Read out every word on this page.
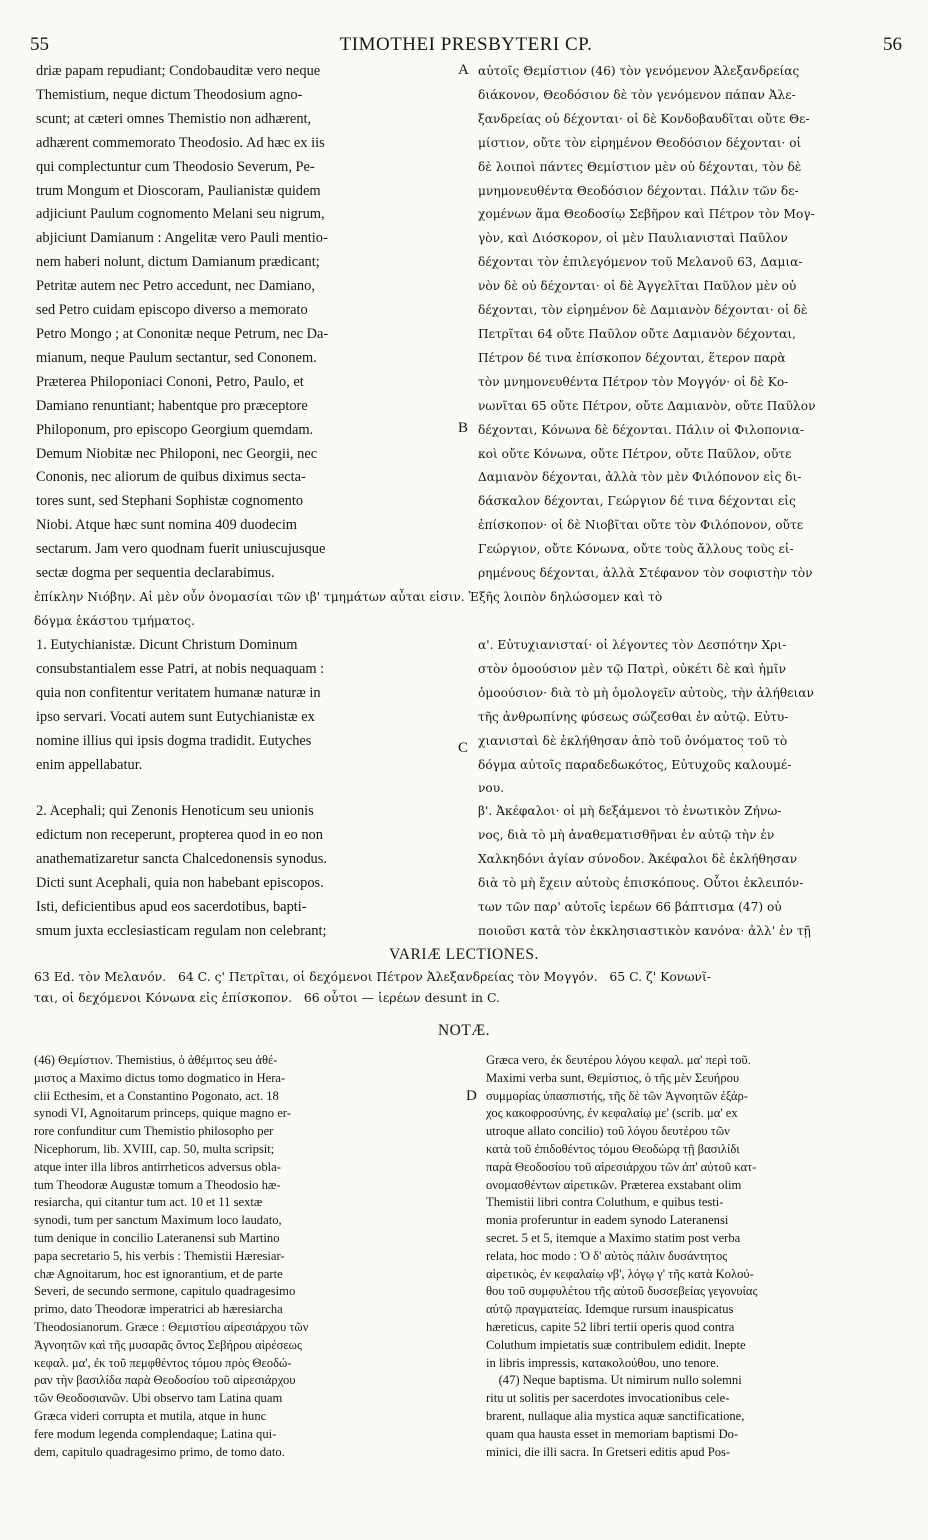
55	TIMOTHEI PRESBYTERI CP.	56
A
B
C
D
driæ papam repudiant; Condobauditæ vero neque
Themistium, neque dictum Theodosium agno-
scunt; at cæteri omnes Themistio non adhærent,
adhærent commemorato Theodosio. Ad hæc ex iis
qui complectuntur cum Theodosio Severum, Pe-
trum Mongum et Dioscoram, Paulianistæ quidem
adjiciunt Paulum cognomento Melani seu nigrum,
abjiciunt Damianum : Angelitæ vero Pauli mentio-
nem haberi nolunt, dictum Damianum prædicant;
Petritæ autem nec Petro accedunt, nec Damiano,
sed Petro cuidam episcopo diverso a memorato
Petro Mongo ; at Cononitæ neque Petrum, nec Da-
mianum, neque Paulum sectantur, sed Cononem.
Præterea Philoponiaci Cononi, Petro, Paulo, et
Damiano renuntiant; habentque pro præceptore
Philoponum, pro episcopo Georgium quemdam.
Demum Niobitæ nec Philoponi, nec Georgii, nec
Cononis, nec aliorum de quibus diximus secta-
tores sunt, sed Stephani Sophistæ cognomento
Niobi. Atque hæc sunt nomina 409 duodecim
sectarum. Jam vero quodnam fuerit uniuscujusque
sectæ dogma per sequentia declarabimus.
αὐτοῖς Θεμίστιον (46) τὸν γενόμενον Ἀλεξανδρείας
διάκονον, Θεοδόσιον δὲ τὸν γενόμενον πάπαν Ἀλε-
ξανδρείας οὐ δέχονται· οἱ δὲ Κονδοβαυδῖται οὔτε Θε-
μίστιον, οὔτε τὸν εἰρημένον Θεοδόσιον δέχονται· οἱ
δὲ λοιποὶ πάντες Θεμίστιον μὲν οὐ δέχονται, τὸν δὲ
μνημονευθέντα Θεοδόσιον δέχονται. Πάλιν τῶν δε-
χομένων ἅμα Θεοδοσίῳ Σεβῆρον καὶ Πέτρον τὸν Μογ-
γὸν, καὶ Διόσκορον, οἱ μὲν Παυλιανισταὶ Παῦλον
δέχονται τὸν ἐπιλεγόμενον τοῦ Μελανοῦ 63, Δαμια-
νὸν δὲ οὐ δέχονται· οἱ δὲ Ἀγγελῖται Παῦλον μὲν οὐ
δέχονται, τὸν εἰρημένον δὲ Δαμιανὸν δέχονται· οἱ δὲ
Πετρῖται 64 οὔτε Παῦλον οὔτε Δαμιανὸν δέχονται,
Πέτρον δέ τινα ἐπίσκοπον δέχονται, ἕτερον παρὰ
τὸν μνημονευθέντα Πέτρον τὸν Μογγόν· οἱ δὲ Κο-
νωνῖται 65 οὔτε Πέτρον, οὔτε Δαμιανὸν, οὔτε Παῦλον
δέχονται, Κόνωνα δὲ δέχονται. Πάλιν οἱ Φιλοπονια-
κοὶ οὔτε Κόνωνα, οὔτε Πέτρον, οὔτε Παῦλον, οὔτε
Δαμιανὸν δέχονται, ἀλλὰ τὸν μὲν Φιλόπονον εἰς δι-
δάσκαλον δέχονται, Γεώργιον δέ τινα δέχονται εἰς
ἐπίσκοπον· οἱ δὲ Νιοβῖται οὔτε τὸν Φιλόπονον, οὔτε
Γεώργιον, οὔτε Κόνωνα, οὔτε τοὺς ἄλλους τοὺς εἰ-
ρημένους δέχονται, ἀλλὰ Στέφανον τὸν σοφιστὴν τὸν
ἐπίκλην Νιόβην. Αἱ μὲν οὖν ὀνομασίαι τῶν ιβ' τμημάτων αὗται εἰσιν. Ἑξῆς λοιπὸν δηλώσομεν καὶ τὸ
δόγμα ἑκάστου τμήματος.
1. Eutychianistæ. Dicunt Christum Dominum
consubstantialem esse Patri, at nobis nequaquam :
quia non confitentur veritatem humanæ naturæ in
ipso servari. Vocati autem sunt Eutychianistæ ex
nomine illius qui ipsis dogma tradidit. Eutyches
enim appellabatur.
α'. Εὐτυχιανισταί· οἱ λέγοντες τὸν Δεσπότην Χρι-
στὸν ὁμοούσιον μὲν τῷ Πατρὶ, οὐκέτι δὲ καὶ ἡμῖν
ὁμοούσιον· διὰ τὸ μὴ ὁμολογεῖν αὐτοὺς, τὴν ἀλήθειαν
τῆς ἀνθρωπίνης φύσεως σώζεσθαι ἐν αὐτῷ. Εὐτυ-
χιανισταὶ δὲ ἐκλήθησαν ἀπὸ τοῦ ὀνόματος τοῦ τὸ
δόγμα αὐτοῖς παραδεδωκότος, Εὐτυχοῦς καλουμέ-
νου.
2. Acephali; qui Zenonis Henoticum seu unionis
edictum non receperunt, propterea quod in eo non
anathematizaretur sancta Chalcedonensis synodus.
Dicti sunt Acephali, quia non habebant episcopos.
Isti, deficientibus apud eos sacerdotibus, bapti-
smum juxta ecclesiasticam regulam non celebrant;
β'. Ἀκέφαλοι· οἱ μὴ δεξάμενοι τὸ ἑνωτικὸν Ζήνω-
νος, διὰ τὸ μὴ ἀναθεματισθῆναι ἐν αὐτῷ τὴν ἐν
Χαλκηδόνι ἁγίαν σύνοδον. Ἀκέφαλοι δὲ ἐκλήθησαν
διὰ τὸ μὴ ἔχειν αὐτοὺς ἐπισκόπους. Οὗτοι ἐκλειπόν-
των τῶν παρ' αὐτοῖς ἱερέων 66 βάπτισμα (47) οὐ
ποιοῦσι κατὰ τὸν ἐκκλησιαστικὸν κανόνα· ἀλλ' ἐν τῇ
VARIÆ LECTIONES.
63 Ed. τὸν Μελανόν.   64 C. ς' Πετρῖται, οἱ δεχόμενοι Πέτρον Ἀλεξανδρείας τὸν Μογγόν.   65 C. ζ' Κονωνῖ-
ται, οἱ δεχόμενοι Κόνωνα εἰς ἐπίσκοπον.   66 οὗτοι — ἱερέων desunt in C.
NOTÆ.
(46) Θεμίστιον. Themistius, ὁ ἀθέμιτος seu ἀθέ-
μιστος a Maximo dictus tomo dogmatico in Hera-
clii Ecthesim, et a Constantino Pogonato, act. 18
synodi VI, Agnoitarum princeps, quique magno er-
rore confunditur cum Themistio philosopho per
Nicephorum, lib. XVIII, cap. 50, multa scripsit;
atque inter illa libros antirrheticos adversus obla-
tum Theodoræ Augustæ tomum a Theodosio hæ-
resiarcha, qui citantur tum act. 10 et 11 sextæ
synodi, tum per sanctum Maximum loco laudato,
tum denique in concilio Lateranensi sub Martino
papa secretario 5, his verbis : Themistii Hæresiar-
chæ Agnoitarum, hoc est ignorantium, et de parte
Severi, de secundo sermone, capitulo quadragesimo
primo, dato Theodoræ imperatrici ab hæresiarcha
Theodosianorum. Græce : Θεμιστίου αἱρεσιάρχου τῶν
Ἀγνοητῶν καὶ τῆς μυσαρᾶς ὄντος Σεβήρου αἱρέσεως
κεφαλ. μα', ἐκ τοῦ πεμφθέντος τόμου πρὸς Θεοδώ-
ραν τὴν βασιλίδα παρὰ Θεοδοσίου τοῦ αἱρεσιάρχου
τῶν Θεοδοσιανῶν. Ubi observo tam Latina quam
Græca videri corrupta et mutila, atque in hunc
fere modum legenda complendaque; Latina qui-
dem, capitulo quadragesimo primo, de tomo dato.
Græca vero, ἐκ δευτέρου λόγου κεφαλ. μα' περὶ τοῦ.
Maximi verba sunt, Θεμίστιος, ὁ τῆς μὲν Σευήρου
συμμορίας ὑπασπιστής, τῆς δὲ τῶν Ἀγνοητῶν ἐξάρ-
χος κακοφροσύνης, ἐν κεφαλαίῳ με' (scrib. μα' ex
utroque allato concilio) τοῦ λόγου δευτέρου τῶν
κατὰ τοῦ ἐπιδοθέντος τόμου Θεοδώρᾳ τῇ βασιλίδι
παρὰ Θεοδοσίου τοῦ αἱρεσιάρχου τῶν ἀπ' αὐτοῦ κατ-
ονομασθέντων αἱρετικῶν. Præterea exstabant olim
Themistii libri contra Coluthum, e quibus testi-
monia proferuntur in eadem synodo Lateranensi
secret. 5 et 5, itemque a Maximo statim post verba
relata, hoc modo : Ὁ δ' αὐτὸς πάλιν δυσάντητος
αἱρετικὸς, ἐν κεφαλαίῳ νβ', λόγῳ γ' τῆς κατὰ Κολού-
θου τοῦ συμφυλέτου τῆς αὐτοῦ δυσσεβείας γεγονυίας
αὐτῷ πραγματείας. Idemque rursum inauspicatus
hæreticus, capite 52 libri tertii operis quod contra
Coluthum impietatis suæ contribulem edidit. Inepte
in libris impressis, κατακολούθου, uno tenore.
(47) Neque baptisma. Ut nimirum nullo solemni
ritu ut solitis per sacerdotes invocationibus cele-
brarent, nullaque alia mystica aquæ sanctificatione,
quam qua hausta esset in memoriam baptismi Do-
minici, die illi sacra. In Gretseri editis apud Pos-
